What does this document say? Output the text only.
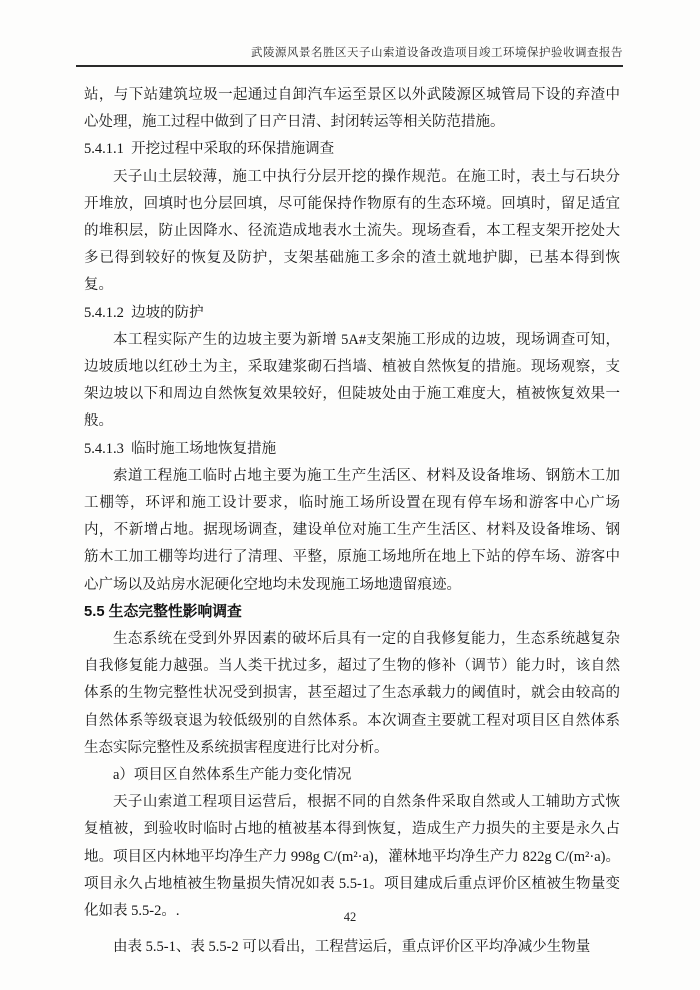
武陵源风景名胜区天子山索道设备改造项目竣工环境保护验收调查报告

站，与下站建筑垃圾一起通过自卸汽车运至景区以外武陵源区城管局下设的弃渣中心处理，施工过程中做到了日产日清、封闭转运等相关防范措施。

5.4.1.1  开挖过程中采取的环保措施调查

天子山土层较薄，施工中执行分层开挖的操作规范。在施工时，表土与石块分开堆放，回填时也分层回填，尽可能保持作物原有的生态环境。回填时，留足适宜的堆积层，防止因降水、径流造成地表水土流失。现场查看，本工程支架开挖处大多已得到较好的恢复及防护，支架基础施工多余的渣土就地护脚，已基本得到恢复。

5.4.1.2  边坡的防护

本工程实际产生的边坡主要为新增 5A#支架施工形成的边坡，现场调查可知，边坡质地以红砂土为主，采取建浆砌石挡墙、植被自然恢复的措施。现场观察，支架边坡以下和周边自然恢复效果较好，但陡坡处由于施工难度大，植被恢复效果一般。

5.4.1.3  临时施工场地恢复措施

索道工程施工临时占地主要为施工生产生活区、材料及设备堆场、钢筋木工加工棚等，环评和施工设计要求，临时施工场所设置在现有停车场和游客中心广场内，不新增占地。据现场调查，建设单位对施工生产生活区、材料及设备堆场、钢筋木工加工棚等均进行了清理、平整，原施工场地所在地上下站的停车场、游客中心广场以及站房水泥硬化空地均未发现施工场地遗留痕迹。

5.5 生态完整性影响调查

生态系统在受到外界因素的破坏后具有一定的自我修复能力，生态系统越复杂自我修复能力越强。当人类干扰过多，超过了生物的修补（调节）能力时，该自然体系的生物完整性状况受到损害，甚至超过了生态承载力的阈值时，就会由较高的自然体系等级衰退为较低级别的自然体系。本次调查主要就工程对项目区自然体系生态实际完整性及系统损害程度进行比对分析。

a）项目区自然体系生产能力变化情况

天子山索道工程项目运营后，根据不同的自然条件采取自然或人工辅助方式恢复植被，到验收时临时占地的植被基本得到恢复，造成生产力损失的主要是永久占地。项目区内林地平均净生产力 998g C/(m²·a)，灌林地平均净生产力 822g C/(m²·a)。项目永久占地植被生物量损失情况如表 5.5-1。项目建成后重点评价区植被生物量变化如表 5.5-2。.

由表 5.5-1、表 5.5-2 可以看出，工程营运后，重点评价区平均净减少生物量

42
